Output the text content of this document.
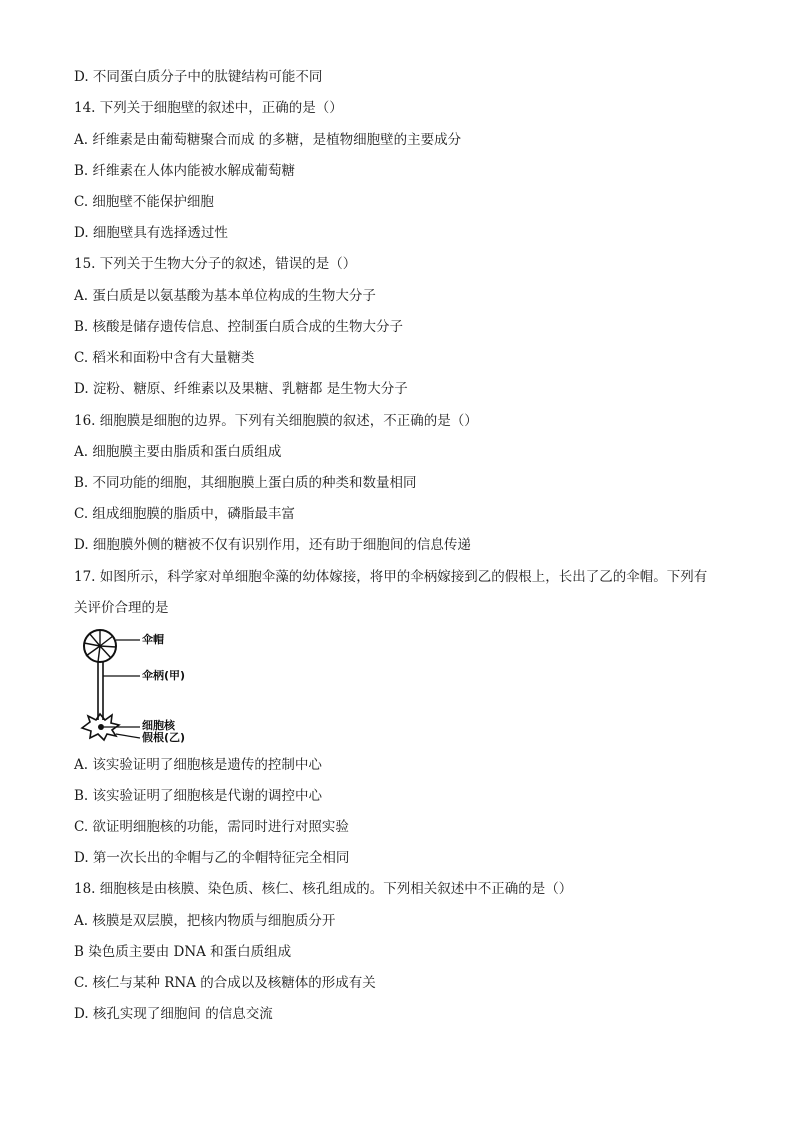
D. 不同蛋白质分子中的肽键结构可能不同
14. 下列关于细胞壁的叙述中，正确的是（）
A. 纤维素是由葡萄糖聚合而成 的多糖，是植物细胞壁的主要成分
B. 纤维素在人体内能被水解成葡萄糖
C. 细胞壁不能保护细胞
D. 细胞壁具有选择透过性
15. 下列关于生物大分子的叙述，错误的是（）
A. 蛋白质是以氨基酸为基本单位构成的生物大分子
B. 核酸是储存遗传信息、控制蛋白质合成的生物大分子
C. 稻米和面粉中含有大量糖类
D. 淀粉、糖原、纤维素以及果糖、乳糖都 是生物大分子
16. 细胞膜是细胞的边界。下列有关细胞膜的叙述，不正确的是（）
A. 细胞膜主要由脂质和蛋白质组成
B. 不同功能的细胞，其细胞膜上蛋白质的种类和数量相同
C. 组成细胞膜的脂质中，磷脂最丰富
D. 细胞膜外侧的糖被不仅有识别作用，还有助于细胞间的信息传递
17. 如图所示，科学家对单细胞伞藻的幼体嫁接，将甲的伞柄嫁接到乙的假根上，长出了乙的伞帽。下列有
关评价合理的是
伞帽
伞柄(甲)
细胞核
假根(乙)
A. 该实验证明了细胞核是遗传的控制中心
B. 该实验证明了细胞核是代谢的调控中心
C. 欲证明细胞核的功能，需同时进行对照实验
D. 第一次长出的伞帽与乙的伞帽特征完全相同
18. 细胞核是由核膜、染色质、核仁、核孔组成的。下列相关叙述中不正确的是（）
A. 核膜是双层膜，把核内物质与细胞质分开
B 染色质主要由 DNA 和蛋白质组成
C. 核仁与某种 RNA 的合成以及核糖体的形成有关
D. 核孔实现了细胞间 的信息交流
